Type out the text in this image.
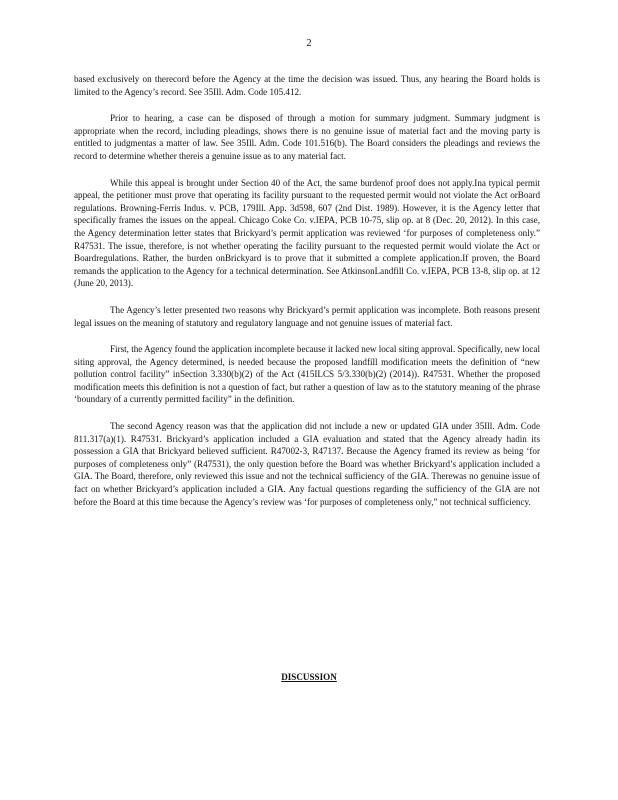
2

based exclusively on therecord before the Agency at the time the decision was issued. Thus, any hearing the Board holds is limited to the Agency’s record. See 35Ill. Adm. Code 105.412.

Prior to hearing, a case can be disposed of through a motion for summary judgment. Summary judgment is appropriate when the record, including pleadings, shows there is no genuine issue of material fact and the moving party is entitled to judgmentas a matter of law. See 35Ill. Adm. Code 101.516(b). The Board considers the pleadings and reviews the record to determine whether thereis a genuine issue as to any material fact.

While this appeal is brought under Section 40 of the Act, the same burdenof proof does not apply.Ina typical permit appeal, the petitioner must prove that operating its facility pursuant to the requested permit would not violate the Act orBoard regulations. Browning-Ferris Indus. v. PCB, 179Ill. App. 3d598, 607 (2nd Dist. 1989). However, it is the Agency letter that specifically frames the issues on the appeal. Chicago Coke Co. v.IEPA, PCB 10-75, slip op. at 8 (Dec. 20, 2012). In this case, the Agency determination letter states that Brickyard’s permit application was reviewed ‘for purposes of completeness only.” R47531. The issue, therefore, is not whether operating the facility pursuant to the requested permit would violate the Act or Boardregulations. Rather, the burden onBrickyard is to prove that it submitted a complete application.If proven, the Board remands the application to the Agency for a technical determination. See AtkinsonLandfill Co. v.IEPA, PCB 13-8, slip op. at 12 (June 20, 2013).

The Agency’s letter presented two reasons why Brickyard’s permit application was incomplete. Both reasons present legal issues on the meaning of statutory and regulatory language and not genuine issues of material fact.

First, the Agency found the application incomplete because it lacked new local siting approval. Specifically, new local siting approval, the Agency determined, is needed because the proposed landfill modification meets the definition of “new pollution control facility” inSection 3.330(b)(2) of the Act (415ILCS 5/3.330(b)(2) (2014)). R47531. Whether the proposed modification meets this definition is not a question of fact, but rather a question of law as to the statutory meaning of the phrase ‘boundary of a currently permitted facility” in the definition.

The second Agency reason was that the application did not include a new or updated GIA under 35Ill. Adm. Code 811.317(a)(1). R47531. Brickyard’s application included a GIA evaluation and stated that the Agency already hadin its possession a GIA that Brickyard believed sufficient. R47002-3, R47137. Because the Agency framed its review as being ‘for purposes of completeness only” (R47531), the only question before the Board was whether Brickyard’s application included a GIA. The Board, therefore, only reviewed this issue and not the technical sufficiency of the GIA. Therewas no genuine issue of fact on whether Brickyard’s application included a GIA. Any factual questions regarding the sufficiency of the GIA are not before the Board at this time because the Agency’s review was ‘for purposes of completeness only,” not technical sufficiency.

DISCUSSION
